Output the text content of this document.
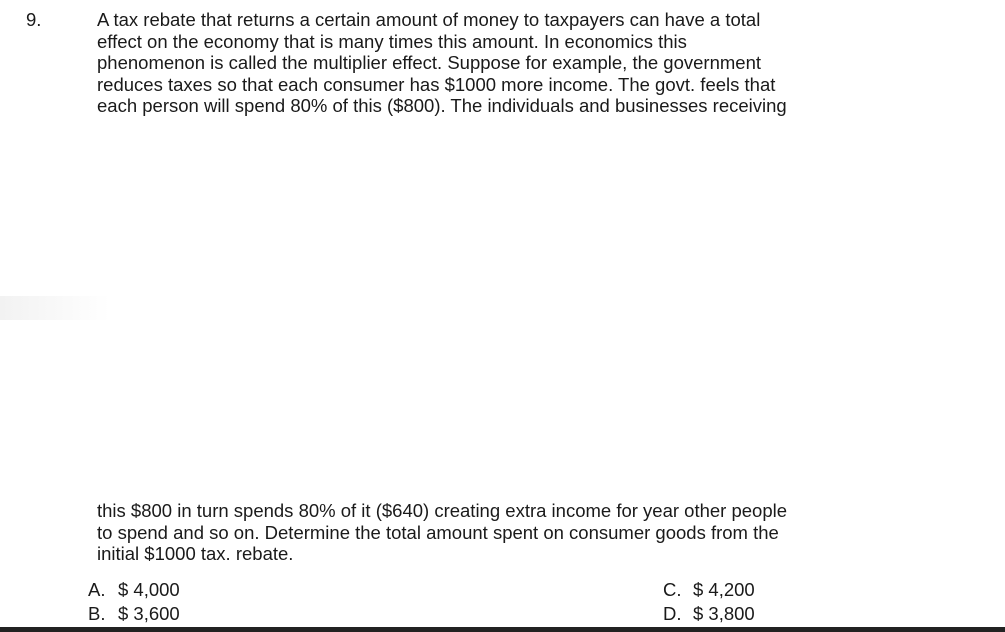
9.	A tax rebate that returns a certain amount of money to taxpayers can have a total
effect on the economy that is many times this amount. In economics this
phenomenon is called the multiplier effect. Suppose for example, the government
reduces taxes so that each consumer has $1000 more income. The govt. feels that
each person will spend 80% of this ($800). The individuals and businesses receiving
this $800 in turn spends 80% of it ($640) creating extra income for year other people
to spend and so on. Determine the total amount spent on consumer goods from the
initial $1000 tax. rebate.
A. $ 4,000
B. $ 3,600
C. $ 4,200
D. $ 3,800
